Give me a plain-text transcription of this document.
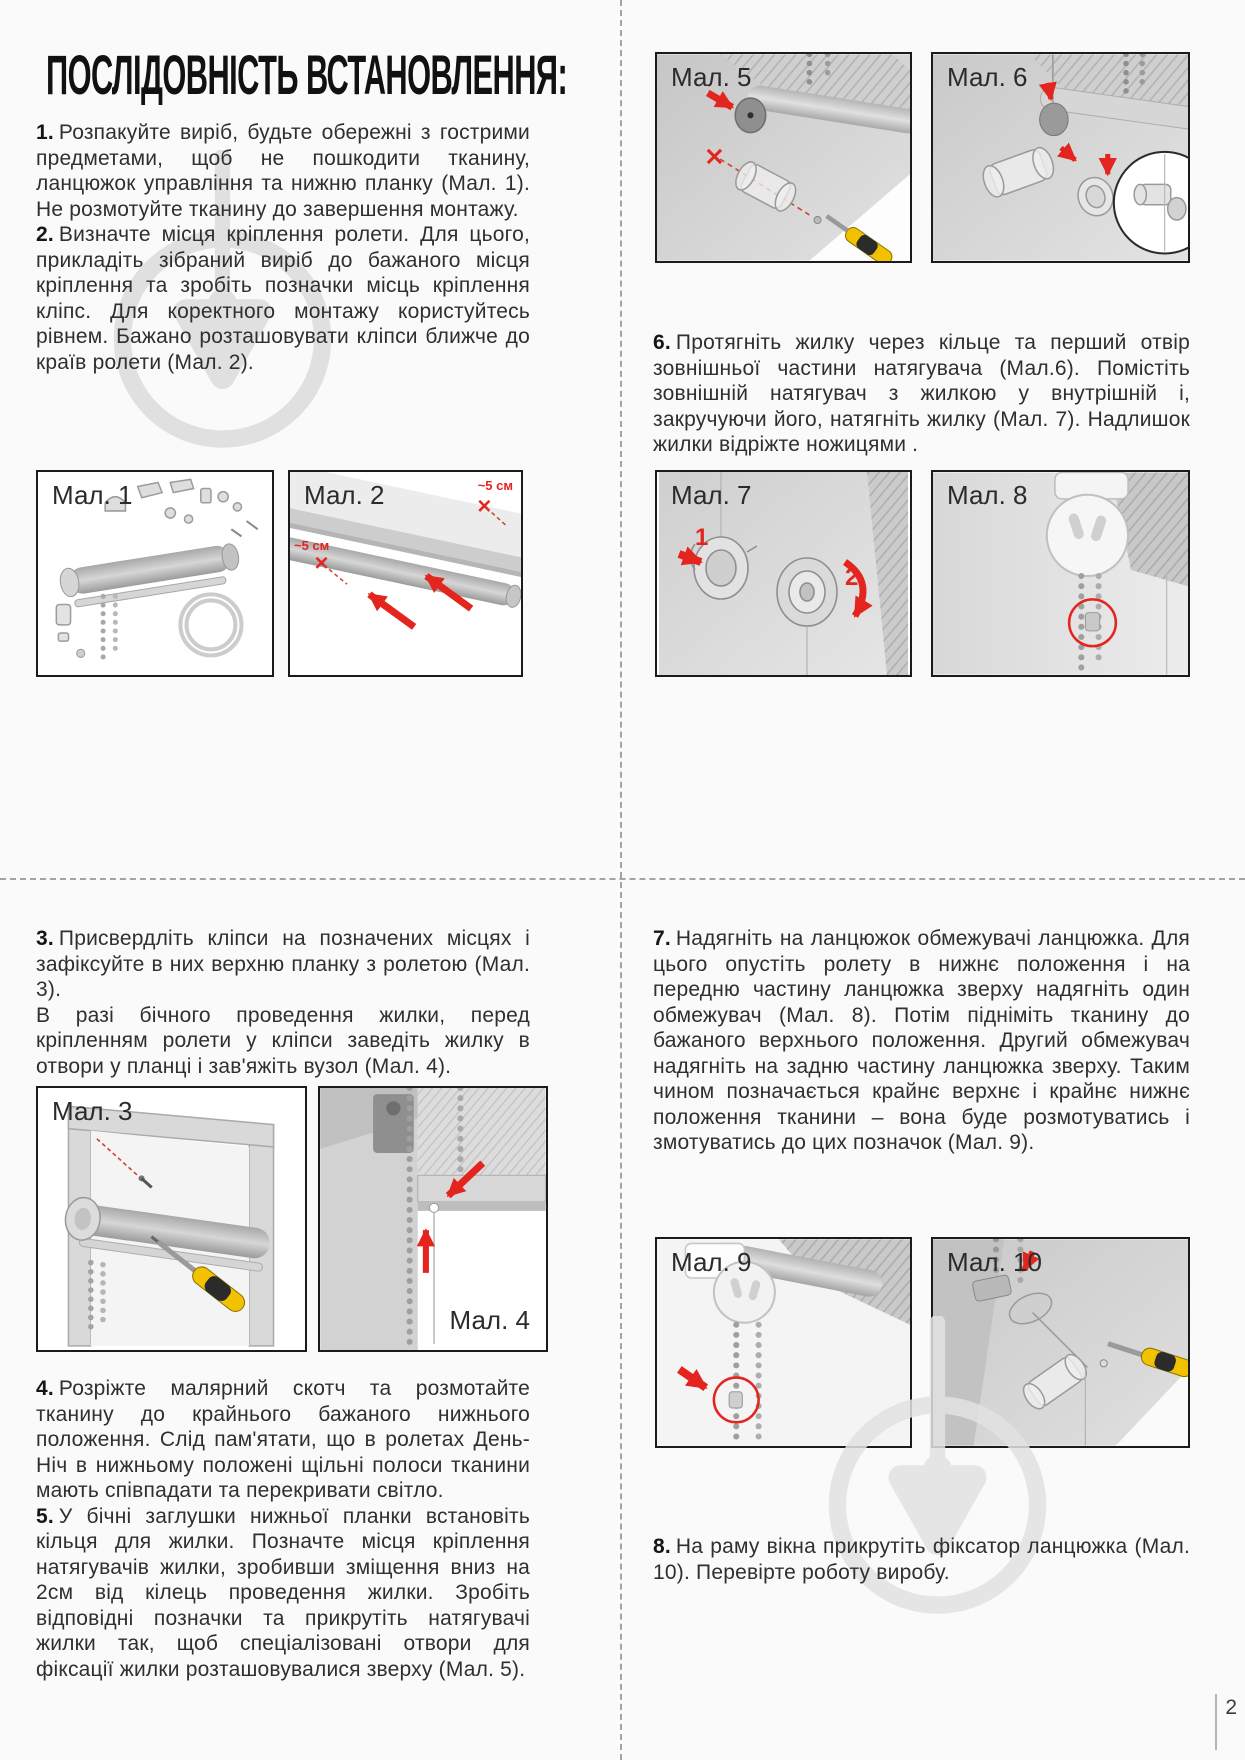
ПОСЛІДОВНІСТЬ ВСТАНОВЛЕННЯ:

1. Розпакуйте виріб, будьте обережні з гострими предметами, щоб не пошкодити тканину, ланцюжок управління та нижню планку (Мал. 1). Не розмотуйте тканину до завершення монтажу.

2. Визначте місця кріплення ролети. Для цього, прикладіть зібраний виріб до бажаного місця кріплення та зробіть позначки місць кріплення кліпс. Для коректного монтажу користуйтесь рівнем. Бажано розташовувати кліпси ближче до країв ролети (Мал. 2).

6. Протягніть жилку через кільце та перший отвір зовнішньої частини натягувача (Мал.6). Помістіть зовнішній натягувач з жилкою у внутрішній і, закручуючи його, натягніть жилку (Мал. 7). Надлишок жилки відріжте ножицями .

3. Присвердліть кліпси на позначених місцях і зафіксуйте в них верхню планку з ролетою (Мал. 3).
В разі бічного проведення жилки, перед кріпленням ролети у кліпси заведіть жилку в отвори у планці і зав'яжіть вузол (Мал. 4).

4. Розріжте малярний скотч та розмотайте тканину до крайнього бажаного нижнього положення. Слід пам'ятати, що в ролетах День-Ніч в нижньому положені щільні полоси тканини мають співпадати та перекривати світло.

5. У бічні заглушки нижньої планки встановіть кільця для жилки. Позначте місця кріплення натягувачів жилки, зробивши зміщення вниз на 2см від кілець проведення жилки. Зробіть відповідні позначки та прикрутіть натягувачі жилки так, щоб спеціалізовані отвори для фіксації жилки розташовувалися зверху (Мал. 5).

7. Надягніть на ланцюжок обмежувачі ланцюжка. Для цього опустіть ролету в нижнє положення і на передню частину ланцюжка зверху надягніть один обмежувач (Мал. 8). Потім підніміть тканину до бажаного верхнього положення. Другий обмежувач надягніть на задню частину ланцюжка зверху. Таким чином позначається крайнє верхнє і крайнє нижнє положення тканини – вона буде розмотуватись і змотуватись до цих позначок (Мал. 9).

8. На раму вікна прикрутіть фіксатор ланцюжка (Мал. 10). Перевірте роботу виробу.

Мал. 1	Мал. 2	~5 см
~5 см
Мал. 5	Мал. 6
Мал. 7
1
2
Мал. 8
Мал. 3
Мал. 4
Мал. 9	Мал. 10
2
